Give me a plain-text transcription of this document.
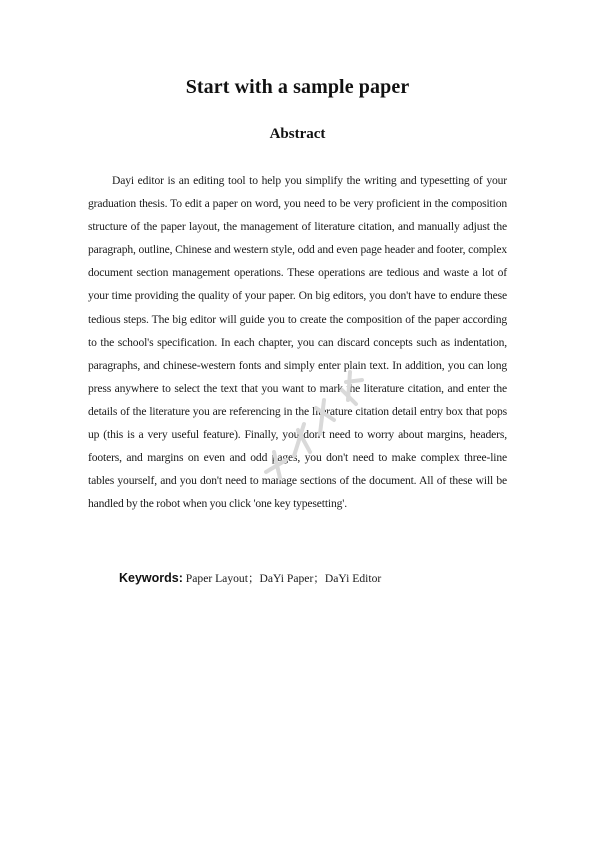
Start with a sample paper
Abstract

Dayi editor is an editing tool to help you simplify the writing and typesetting of your graduation thesis. To edit a paper on word, you need to be very proficient in the composition structure of the paper layout, the management of literature citation, and manually adjust the paragraph, outline, Chinese and western style, odd and even page header and footer, complex document section management operations. These operations are tedious and waste a lot of your time providing the quality of your paper. On big editors, you don't have to endure these tedious steps. The big editor will guide you to create the composition of the paper according to the school's specification. In each chapter, you can discard concepts such as indentation, paragraphs, and chinese-western fonts and simply enter plain text. In addition, you can long press anywhere to select the text that you want to mark the literature citation, and enter the details of the literature you are referencing in the literature citation detail entry box that pops up (this is a very useful feature). Finally, you don't need to worry about margins, headers, footers, and margins on even and odd pages, you don't need to make complex three-line tables yourself, and you don't need to manage sections of the document. All of these will be handled by the robot when you click 'one key typesetting'.

Keywords: Paper Layout；DaYi Paper；DaYi Editor
